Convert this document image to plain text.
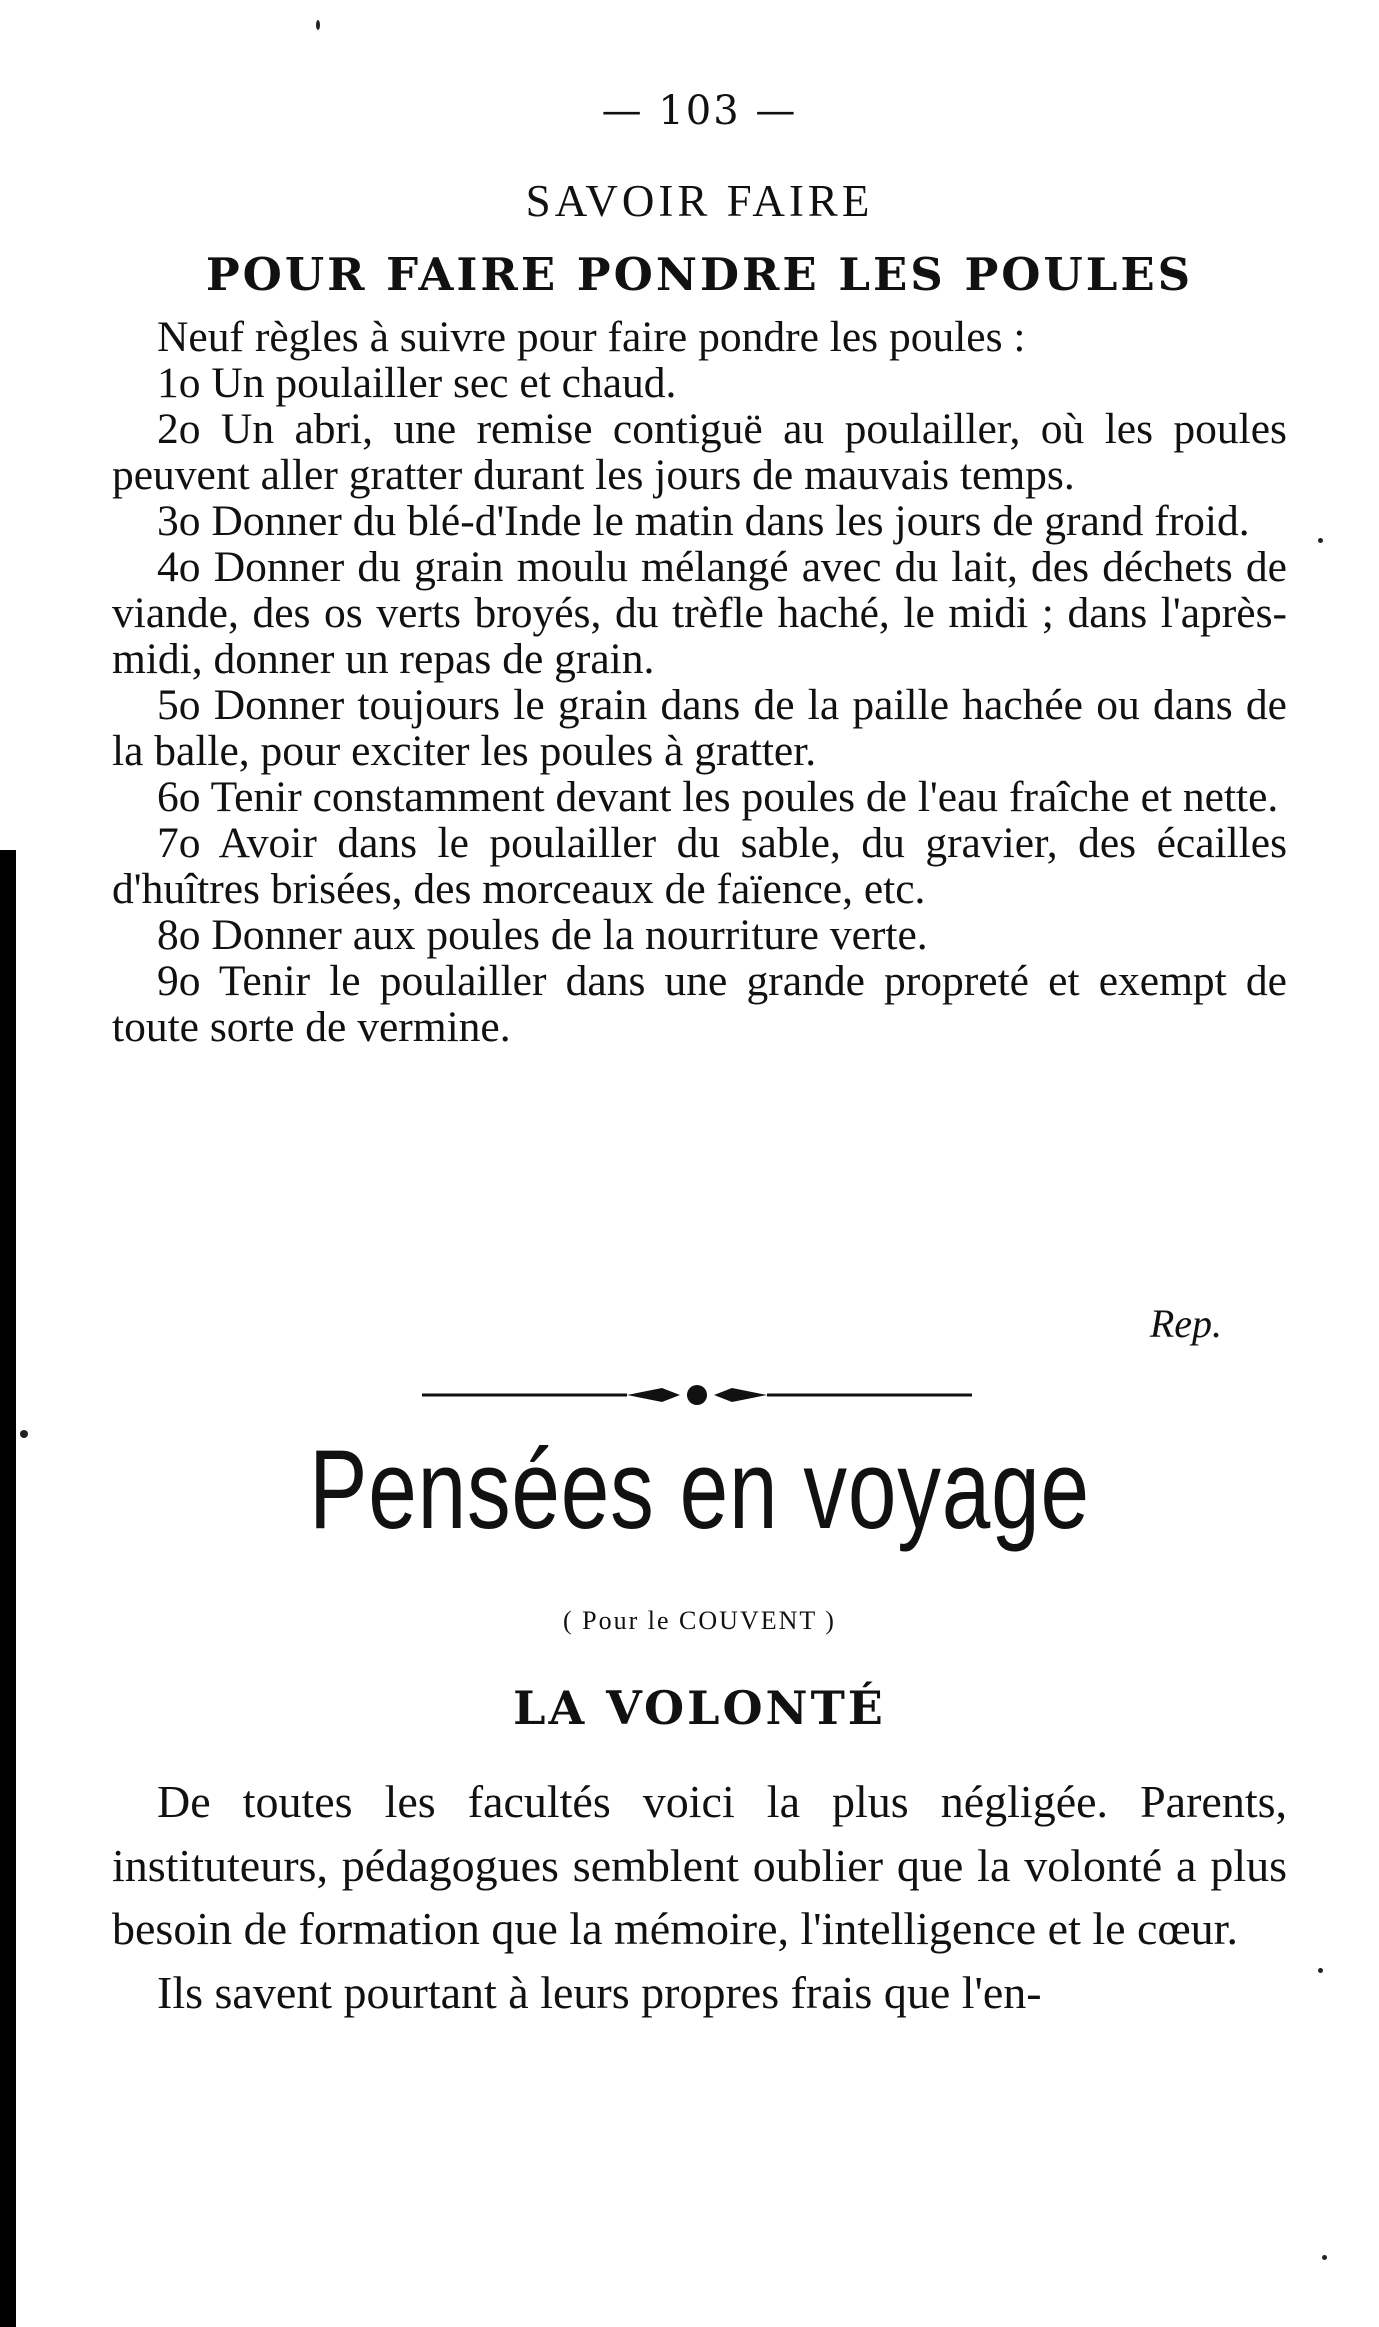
— 103 —
SAVOIR FAIRE
POUR FAIRE PONDRE LES POULES

Neuf règles à suivre pour faire pondre les poules :

1o Un poulailler sec et chaud.

2o Un abri, une remise contiguë au poulailler, où les poules peuvent aller gratter durant les jours de mauvais temps.

3o Donner du blé-d'Inde le matin dans les jours de grand froid.

4o Donner du grain moulu mélangé avec du lait, des déchets de viande, des os verts broyés, du trèfle haché, le midi ; dans l'après-midi, donner un repas de grain.

5o Donner toujours le grain dans de la paille hachée ou dans de la balle, pour exciter les poules à gratter.

6o Tenir constamment devant les poules de l'eau fraîche et nette.

7o Avoir dans le poulailler du sable, du gravier, des écailles d'huîtres brisées, des morceaux de faïence, etc.

8o Donner aux poules de la nourriture verte.

9o Tenir le poulailler dans une grande propreté et exempt de toute sorte de vermine.

Rep.
Pensées en voyage
( Pour le COUVENT )
LA VOLONTÉ

De toutes les facultés voici la plus négligée. Parents, instituteurs, pédagogues semblent oublier que la volonté a plus besoin de formation que la mémoire, l'intelligence et le cœur.

Ils savent pourtant à leurs propres frais que l'en-
